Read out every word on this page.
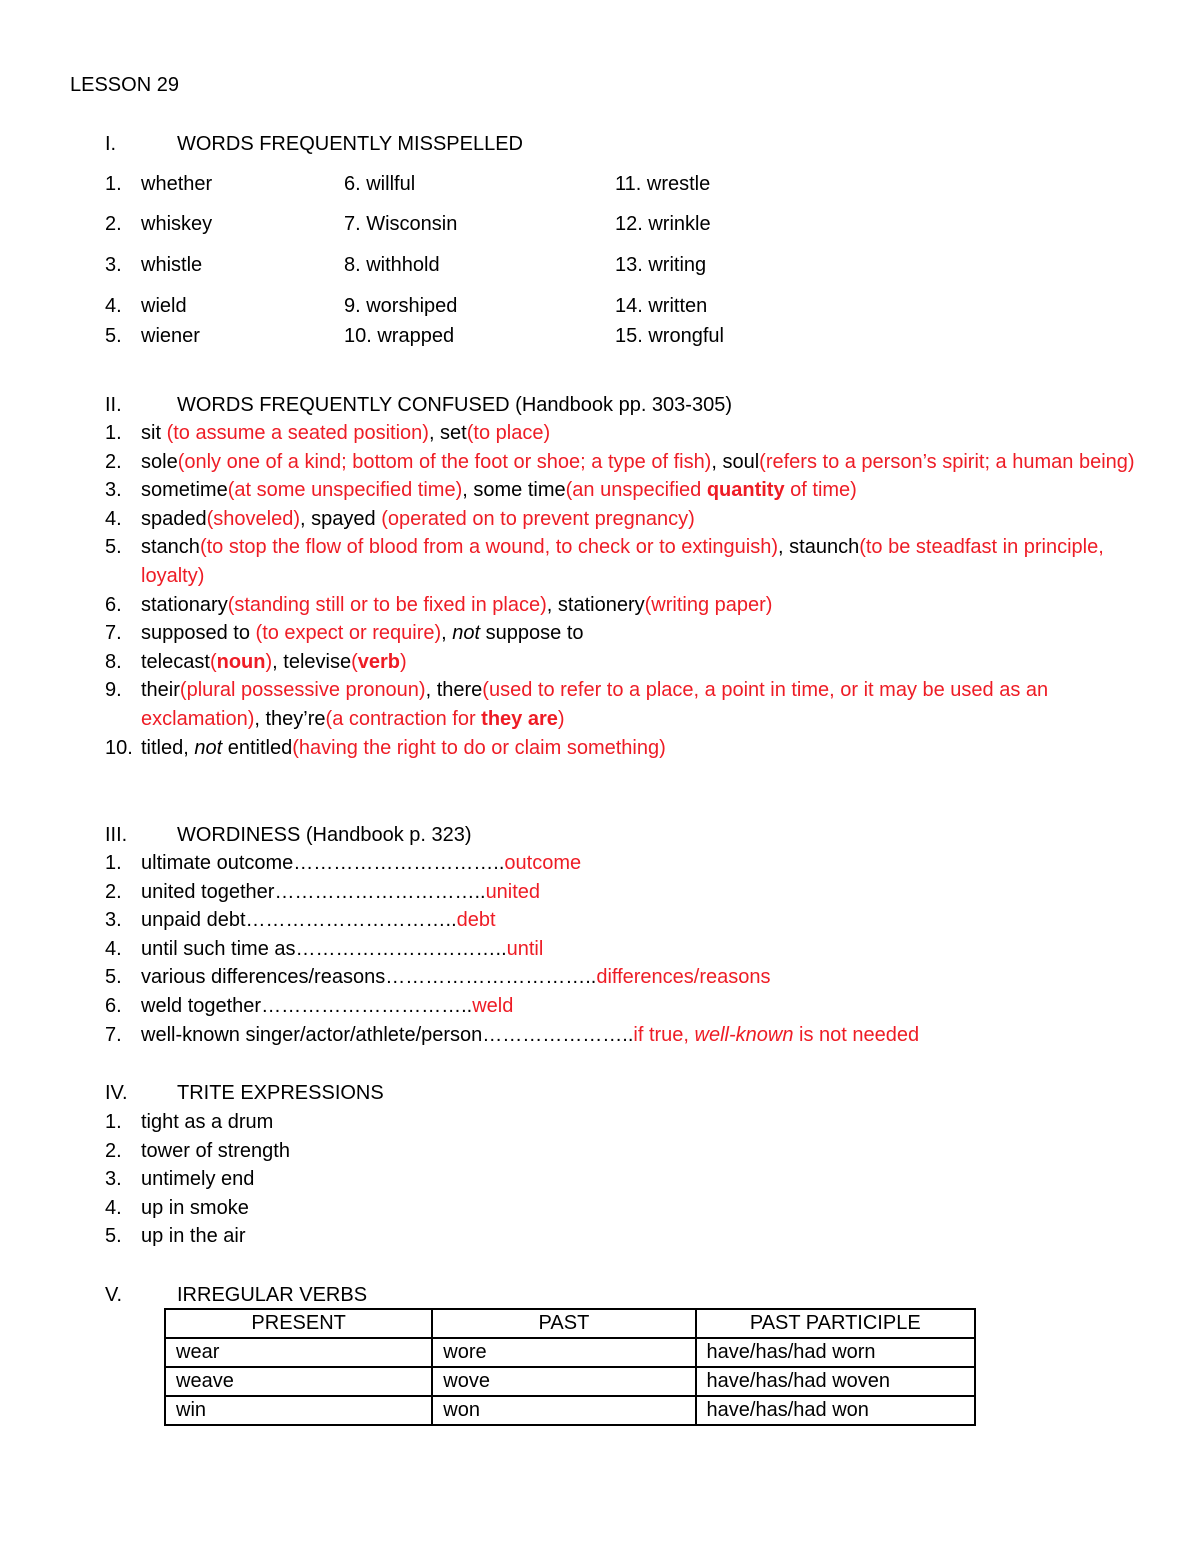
LESSON 29
I.	WORDS FREQUENTLY MISSPELLED
1. whether	6. willful	11. wrestle
2. whiskey	7. Wisconsin	12. wrinkle
3. whistle	8. withhold	13. writing
4. wield	9. worshiped	14. written
5. wiener	10. wrapped	15. wrongful
II.	WORDS FREQUENTLY CONFUSED (Handbook pp. 303-305)
1. sit (to assume a seated position), set(to place)
2. sole(only one of a kind; bottom of the foot or shoe; a type of fish), soul(refers to a person’s spirit; a human being)
3. sometime(at some unspecified time), some time(an unspecified quantity of time)
4. spaded(shoveled), spayed (operated on to prevent pregnancy)
5. stanch(to stop the flow of blood from a wound, to check or to extinguish), staunch(to be steadfast in principle, loyalty)
6. stationary(standing still or to be fixed in place), stationery(writing paper)
7. supposed to (to expect or require), not suppose to
8. telecast(noun), televise(verb)
9. their(plural possessive pronoun), there(used to refer to a place, a point in time, or it may be used as an exclamation), they’re(a contraction for they are)
10. titled, not entitled(having the right to do or claim something)
III. WORDINESS (Handbook p. 323)
1. ultimate outcome…………………………..outcome
2. united together…………………………..united
3. unpaid debt…………………………..debt
4. until such time as…………………………..until
5. various differences/reasons…………………………..differences/reasons
6. weld together…………………………..weld
7. well-known singer/actor/athlete/person…………………..if true, well-known is not needed
IV. TRITE EXPRESSIONS
1. tight as a drum
2. tower of strength
3. untimely end
4. up in smoke
5. up in the air
V.	IRREGULAR VERBS
PRESENT	PAST	PAST PARTICIPLE
wear	wore	have/has/had worn
weave	wove	have/has/had woven
win	won	have/has/had won
